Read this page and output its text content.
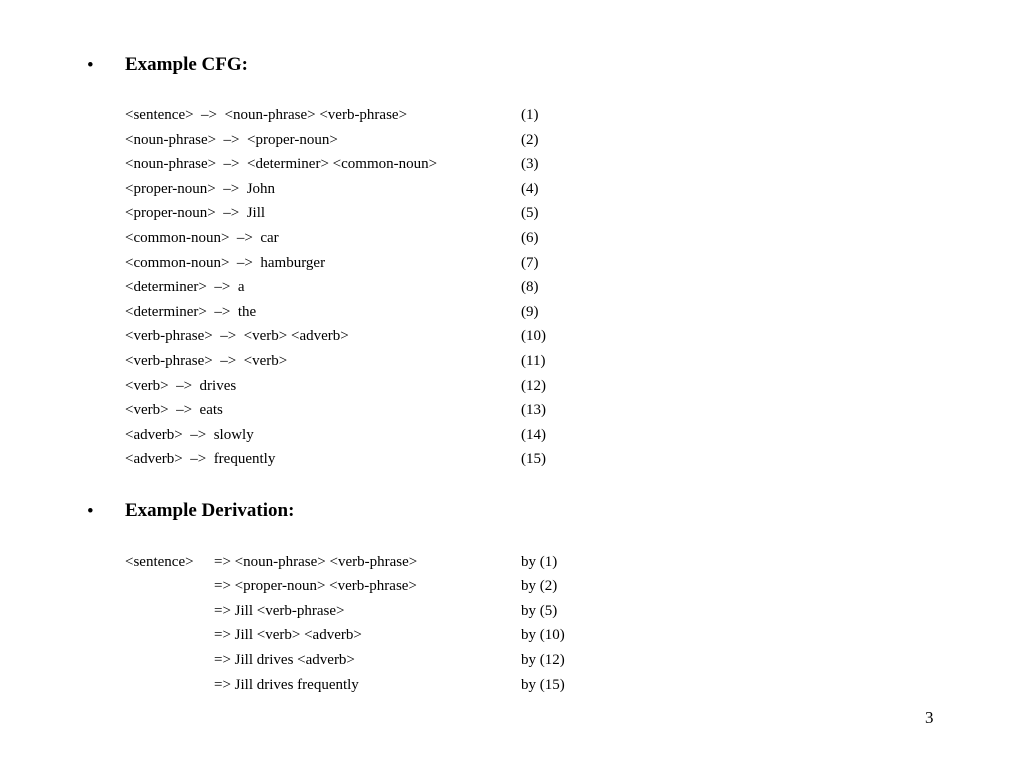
• Example CFG:
<sentence>  –>  <noun-phrase> <verb-phrase>	(1)
<noun-phrase>  –>  <proper-noun>	(2)
<noun-phrase>  –>  <determiner> <common-noun>	(3)
<proper-noun>  –>  John	(4)
<proper-noun>  –>  Jill	(5)
<common-noun>  –>  car	(6)
<common-noun>  –>  hamburger	(7)
<determiner>  –>  a	(8)
<determiner>  –>  the	(9)
<verb-phrase>  –>  <verb> <adverb>	(10)
<verb-phrase>  –>  <verb>	(11)
<verb>  –>  drives	(12)
<verb>  –>  eats	(13)
<adverb>  –>  slowly	(14)
<adverb>  –>  frequently	(15)
• Example Derivation:
<sentence> => <noun-phrase> <verb-phrase>	by (1)
=> <proper-noun> <verb-phrase>	by (2)
=> Jill <verb-phrase>	by (5)
=> Jill <verb> <adverb>	by (10)
=> Jill drives <adverb>	by (12)
=> Jill drives frequently	by (15)
3
